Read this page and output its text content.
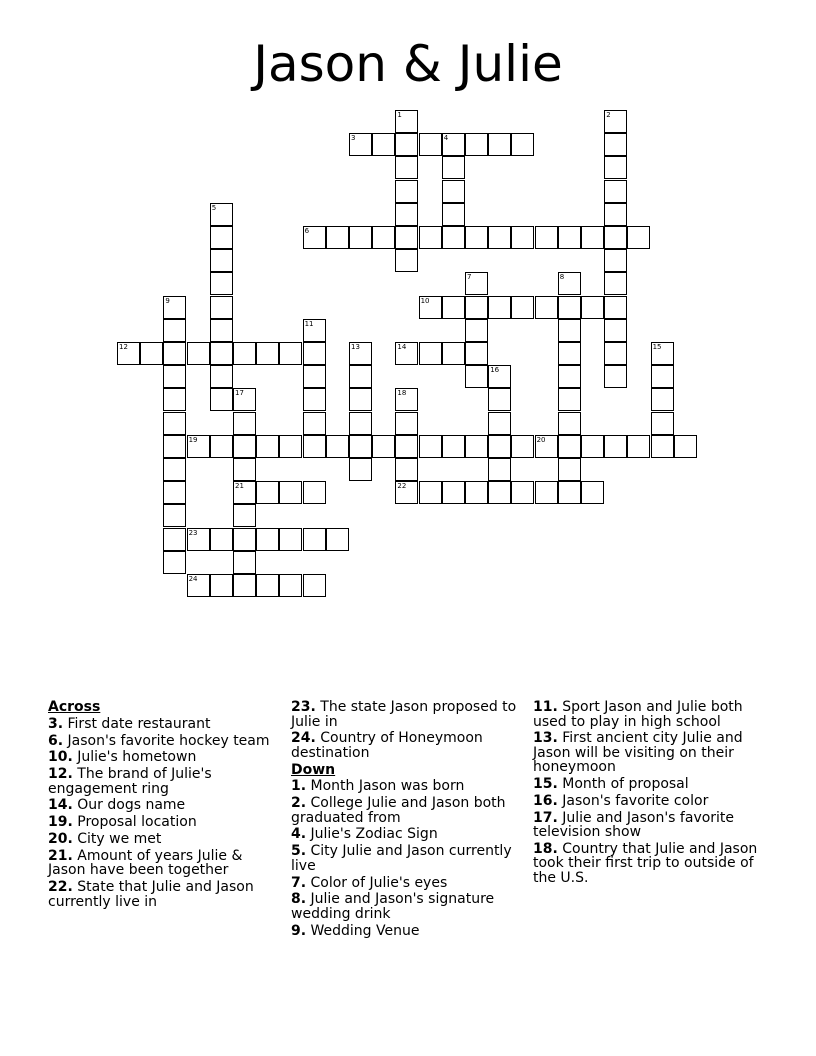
Jason & Julie
1	2
3	4
5
6
7	8
9	10
11
12	13	14	15
16
17
21
18
19	20
22
23
24
Across
3. First date restaurant
6. Jason's favorite hockey team
10. Julie's hometown
12. The brand of Julie's engagement ring
14. Our dogs name
19. Proposal location
20. City we met
21. Amount of years Julie & Jason have been together
22. State that Julie and Jason currently live in
23. The state Jason proposed to Julie in
24. Country of Honeymoon destination
Down
1. Month Jason was born
2. College Julie and Jason both graduated from
4. Julie's Zodiac Sign
5. City Julie and Jason currently live
7. Color of Julie's eyes
8. Julie and Jason's signature wedding drink
9. Wedding Venue
11. Sport Jason and Julie both used to play in high school
13. First ancient city Julie and Jason will be visiting on their honeymoon
15. Month of proposal
16. Jason's favorite color
17. Julie and Jason's favorite television show
18. Country that Julie and Jason took their first trip to outside of the U.S.
